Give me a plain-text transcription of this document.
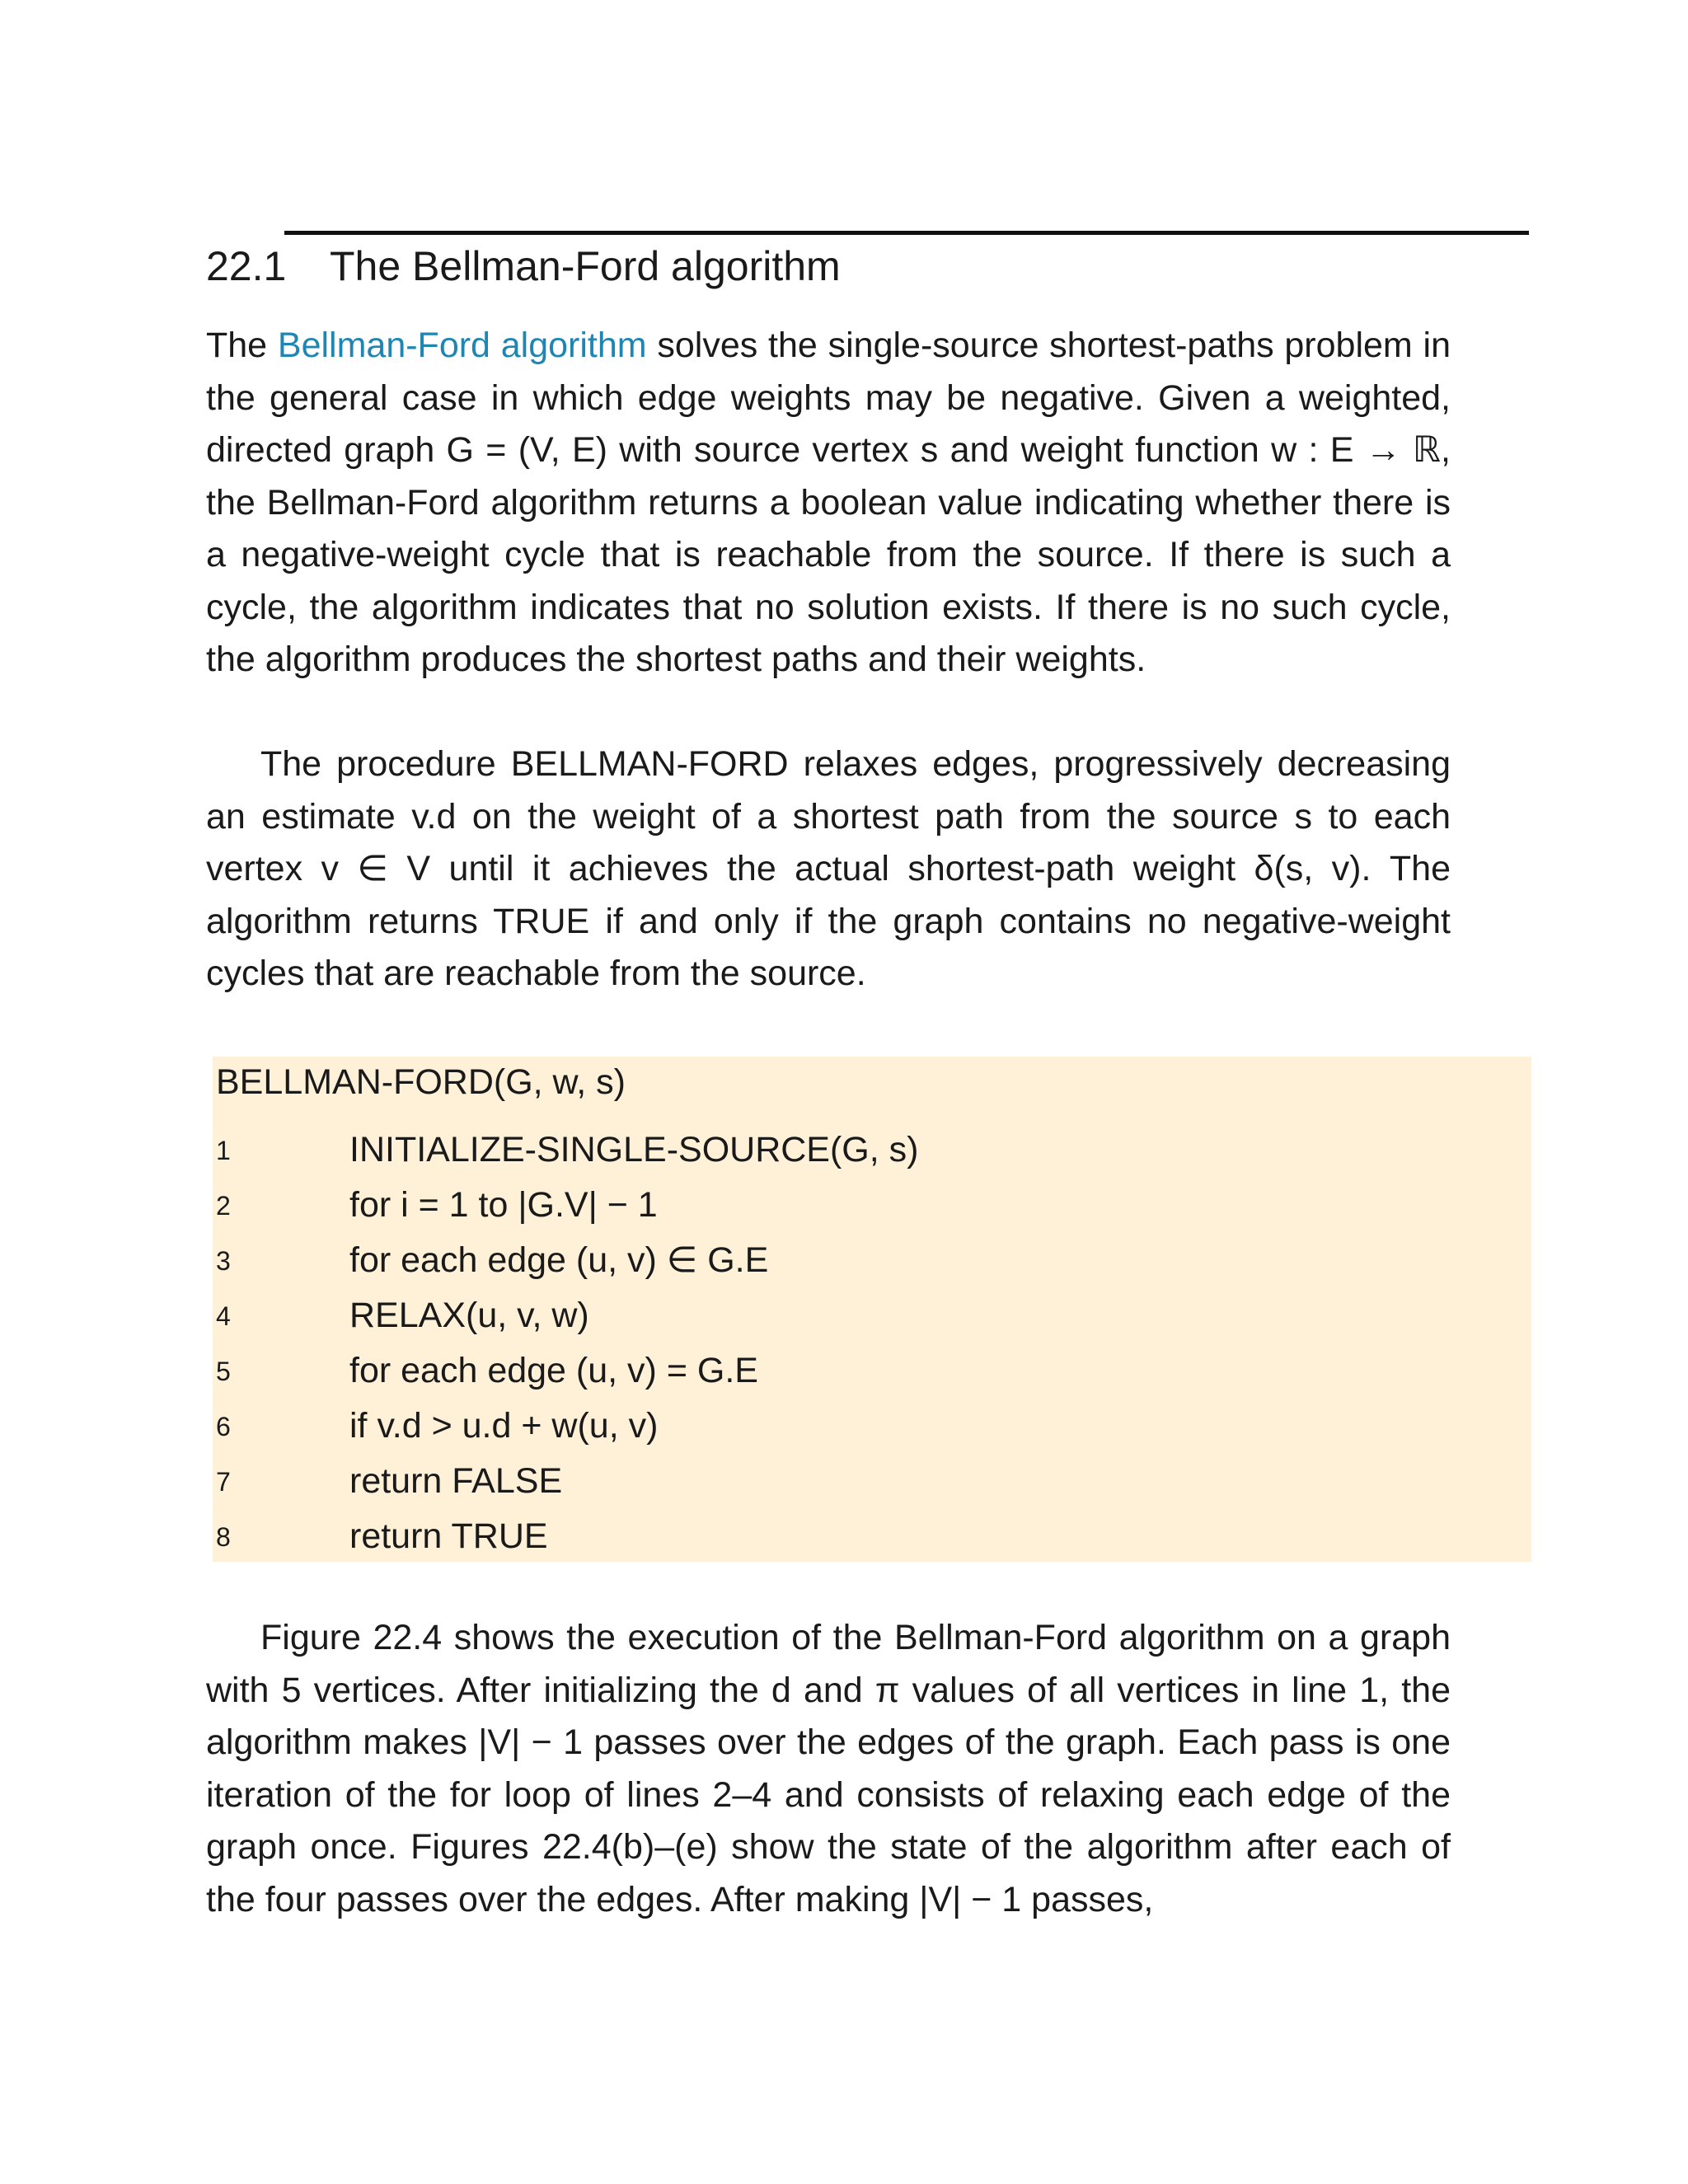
22.1 The Bellman-Ford algorithm
The Bellman-Ford algorithm solves the single-source shortest-paths problem in the general case in which edge weights may be negative. Given a weighted, directed graph G = (V, E) with source vertex s and weight function w : E → ℝ, the Bellman-Ford algorithm returns a boolean value indicating whether there is a negative-weight cycle that is reachable from the source. If there is such a cycle, the algorithm indicates that no solution exists. If there is no such cycle, the algorithm produces the shortest paths and their weights.
The procedure BELLMAN-FORD relaxes edges, progressively decreasing an estimate v.d on the weight of a shortest path from the source s to each vertex v ∈ V until it achieves the actual shortest-path weight δ(s, v). The algorithm returns TRUE if and only if the graph contains no negative-weight cycles that are reachable from the source.
BELLMAN-FORD(G, w, s)
1	INITIALIZE-SINGLE-SOURCE(G, s)
2	for i = 1 to |G.V| − 1
3	for each edge (u, v) ∈ G.E
4	RELAX(u, v, w)
5	for each edge (u, v) = G.E
6	if v.d > u.d + w(u, v)
7	return FALSE
8	return TRUE
Figure 22.4 shows the execution of the Bellman-Ford algorithm on a graph with 5 vertices. After initializing the d and π values of all vertices in line 1, the algorithm makes |V| − 1 passes over the edges of the graph. Each pass is one iteration of the for loop of lines 2–4 and consists of relaxing each edge of the graph once. Figures 22.4(b)–(e) show the state of the algorithm after each of the four passes over the edges. After making |V| − 1 passes,
